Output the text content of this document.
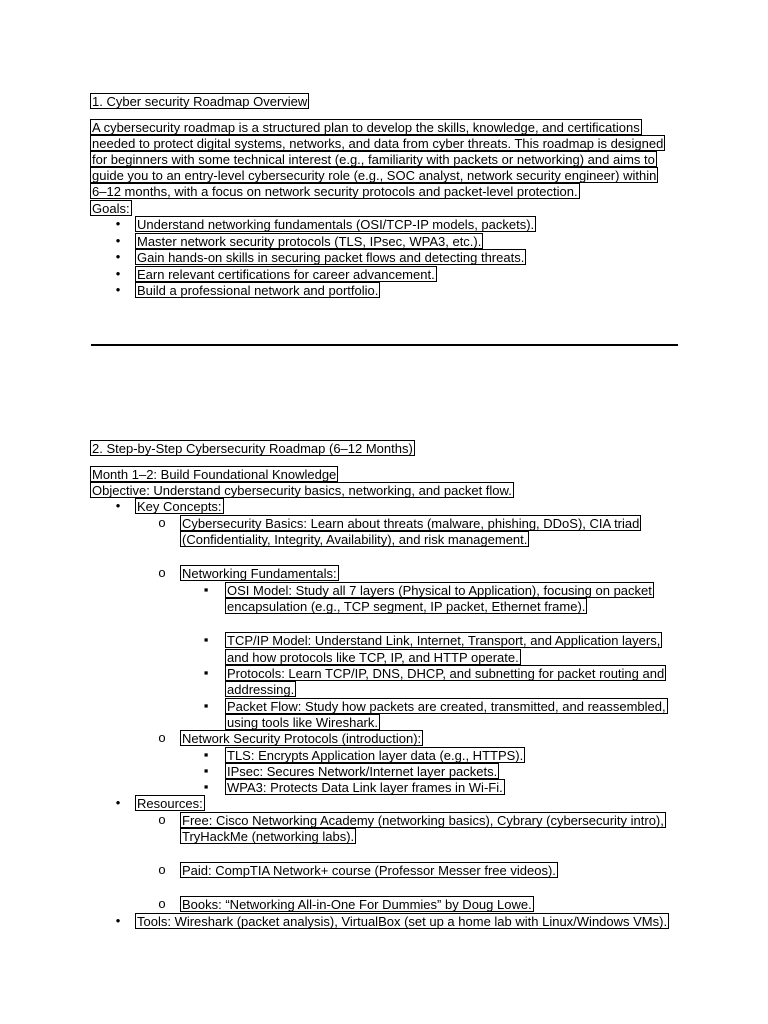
1. Cyber security Roadmap Overview
A cybersecurity roadmap is a structured plan to develop the skills, knowledge, and certifications
needed to protect digital systems, networks, and data from cyber threats. This roadmap is designed
for beginners with some technical interest (e.g., familiarity with packets or networking) and aims to
guide you to an entry-level cybersecurity role (e.g., SOC analyst, network security engineer) within
6–12 months, with a focus on network security protocols and packet-level protection.
Goals:
•	Understand networking fundamentals (OSI/TCP-IP models, packets).
•	Master network security protocols (TLS, IPsec, WPA3, etc.).
•	Gain hands-on skills in securing packet flows and detecting threats.
•	Earn relevant certifications for career advancement.
•	Build a professional network and portfolio.
2. Step-by-Step Cybersecurity Roadmap (6–12 Months)
Month 1–2: Build Foundational Knowledge
Objective: Understand cybersecurity basics, networking, and packet flow.
•	Key Concepts:
o Cybersecurity Basics: Learn about threats (malware, phishing, DDoS), CIA triad
(Confidentiality, Integrity, Availability), and risk management.
o Networking Fundamentals:
▪	OSI Model: Study all 7 layers (Physical to Application), focusing on packet
encapsulation (e.g., TCP segment, IP packet, Ethernet frame).
▪	TCP/IP Model: Understand Link, Internet, Transport, and Application layers,
and how protocols like TCP, IP, and HTTP operate.
▪	Protocols: Learn TCP/IP, DNS, DHCP, and subnetting for packet routing and
addressing.
▪	Packet Flow: Study how packets are created, transmitted, and reassembled,
using tools like Wireshark.
o Network Security Protocols (introduction):
▪	TLS: Encrypts Application layer data (e.g., HTTPS).
▪	IPsec: Secures Network/Internet layer packets.
▪	WPA3: Protects Data Link layer frames in Wi-Fi.
•	Resources:
o Free: Cisco Networking Academy (networking basics), Cybrary (cybersecurity intro),
TryHackMe (networking labs).
o Paid: CompTIA Network+ course (Professor Messer free videos).
o Books: “Networking All-in-One For Dummies” by Doug Lowe.
•	Tools: Wireshark (packet analysis), VirtualBox (set up a home lab with Linux/Windows VMs).
